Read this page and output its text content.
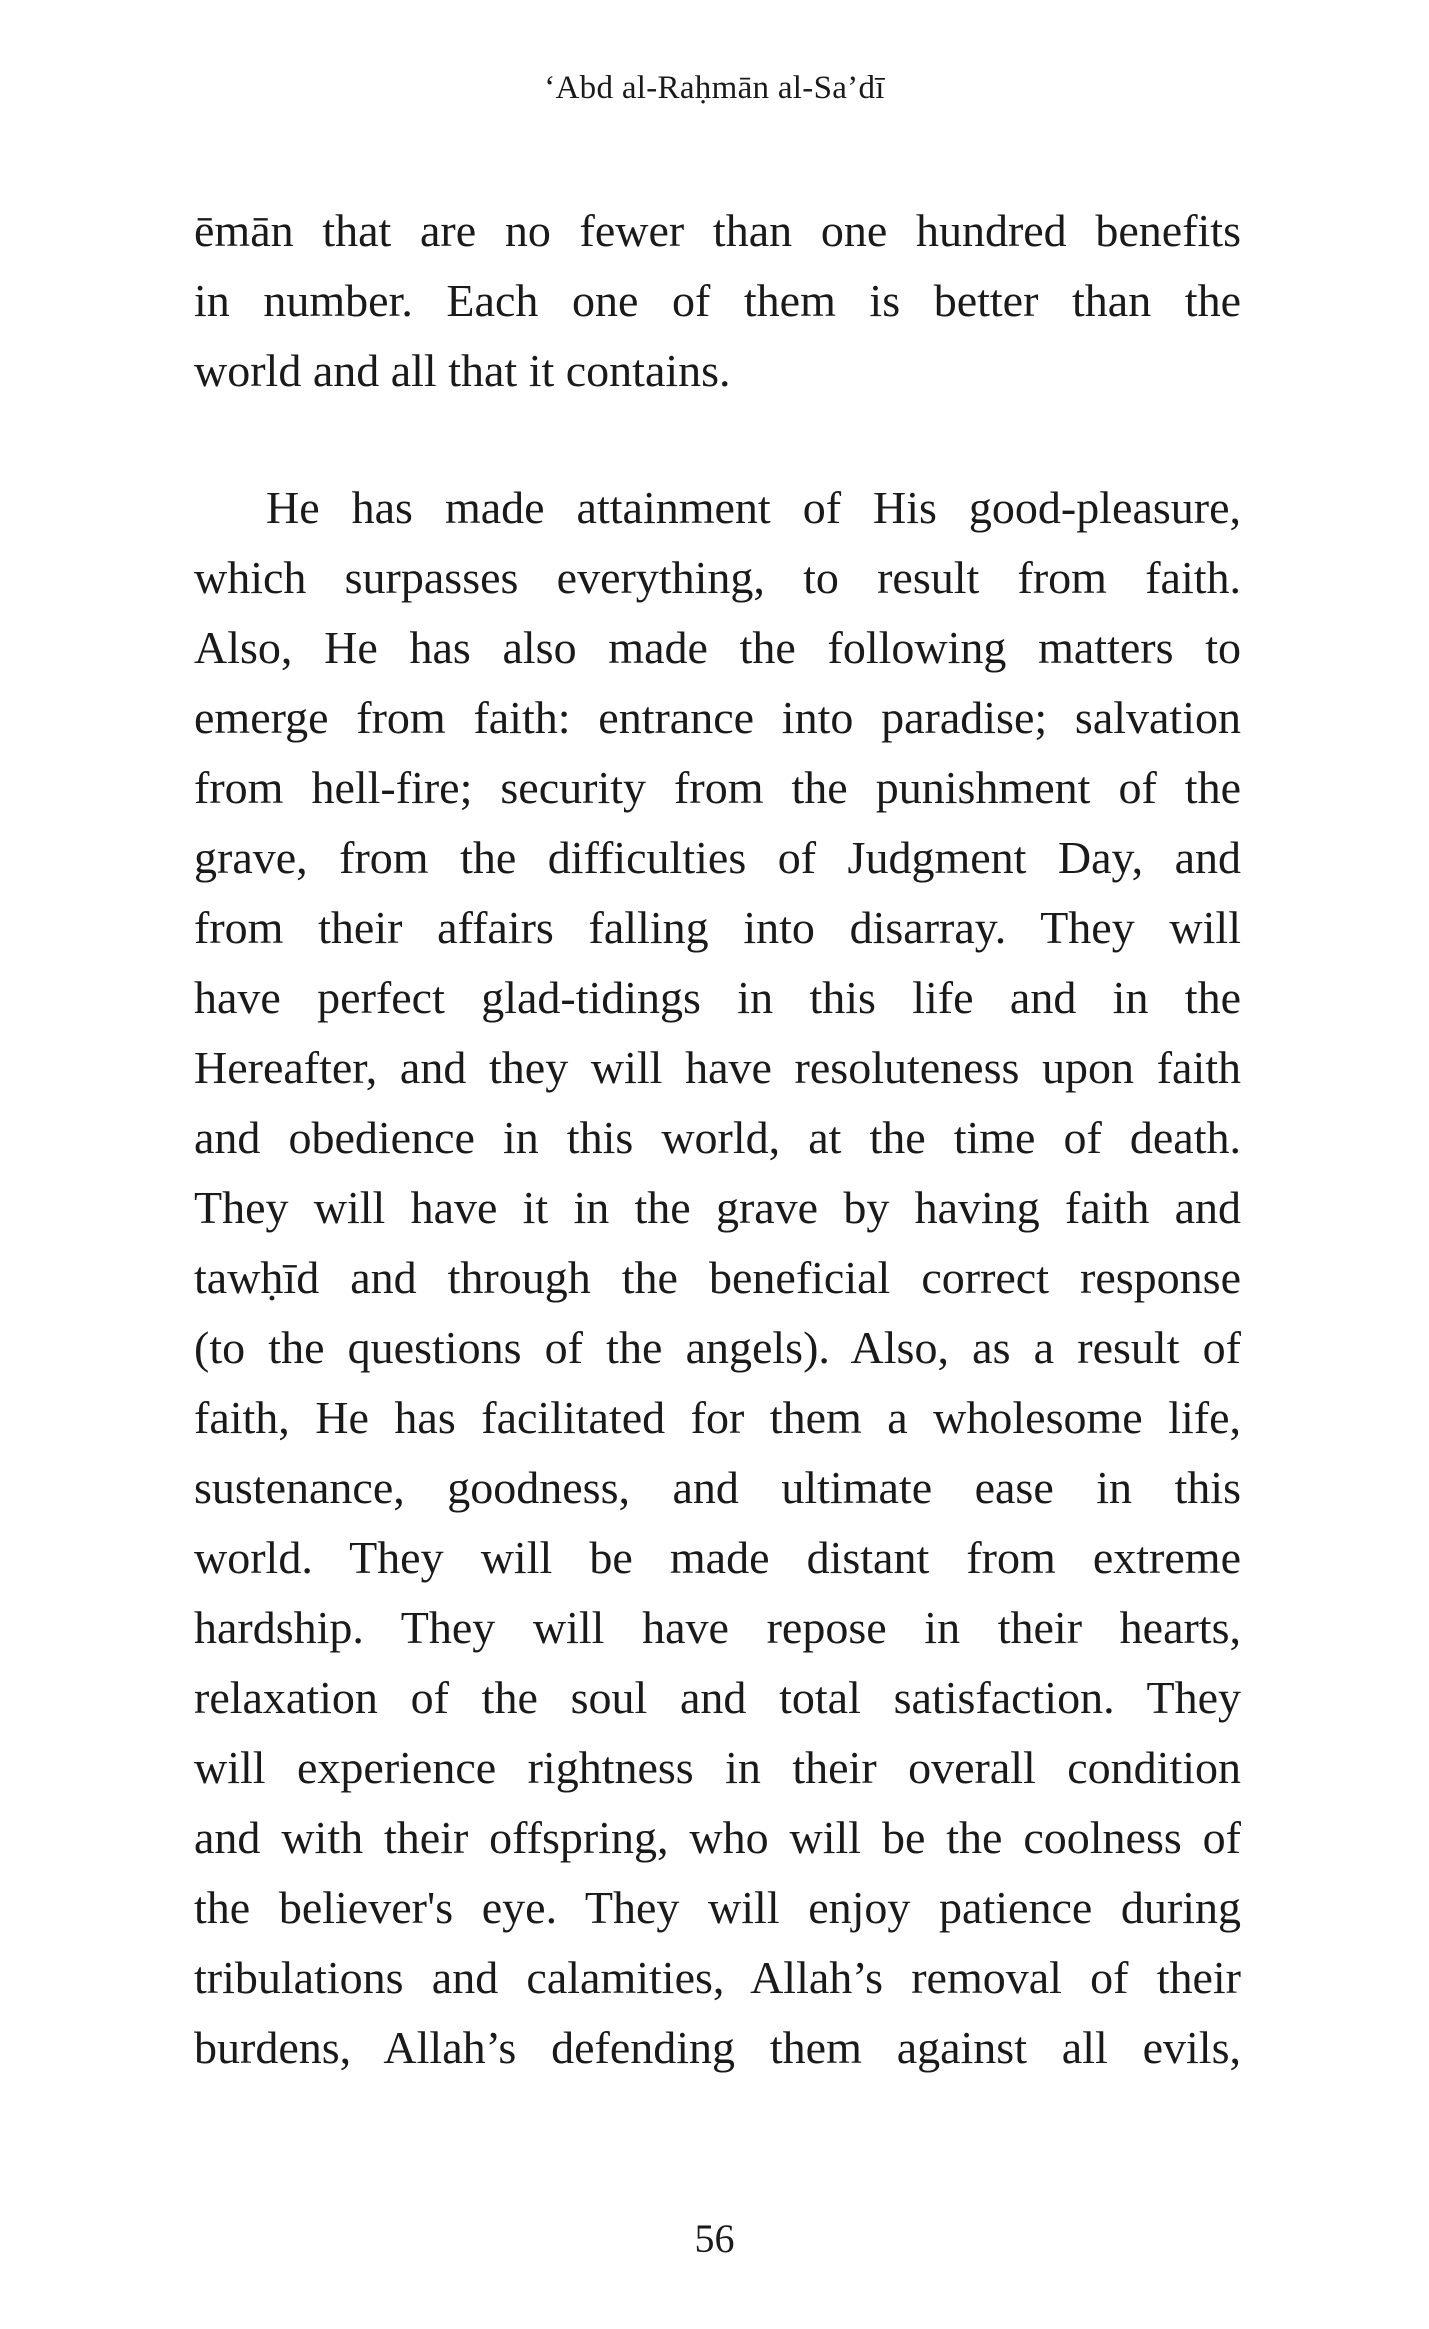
‘Abd al-Raḥmān al-Sa’dī
ēmān that are no fewer than one hundred benefits
in number. Each one of them is better than the
world and all that it contains.
He has made attainment of His good-pleasure,
which surpasses everything, to result from faith.
Also, He has also made the following matters to
emerge from faith: entrance into paradise; salvation
from hell-fire; security from the punishment of the
grave, from the difficulties of Judgment Day, and
from their affairs falling into disarray. They will
have perfect glad-tidings in this life and in the
Hereafter, and they will have resoluteness upon faith
and obedience in this world, at the time of death.
They will have it in the grave by having faith and
tawḥīd and through the beneficial correct response
(to the questions of the angels). Also, as a result of
faith, He has facilitated for them a wholesome life,
sustenance, goodness, and ultimate ease in this
world. They will be made distant from extreme
hardship. They will have repose in their hearts,
relaxation of the soul and total satisfaction. They
will experience rightness in their overall condition
and with their offspring, who will be the coolness of
the believer's eye. They will enjoy patience during
tribulations and calamities, Allah’s removal of their
burdens, Allah’s defending them against all evils,
56
